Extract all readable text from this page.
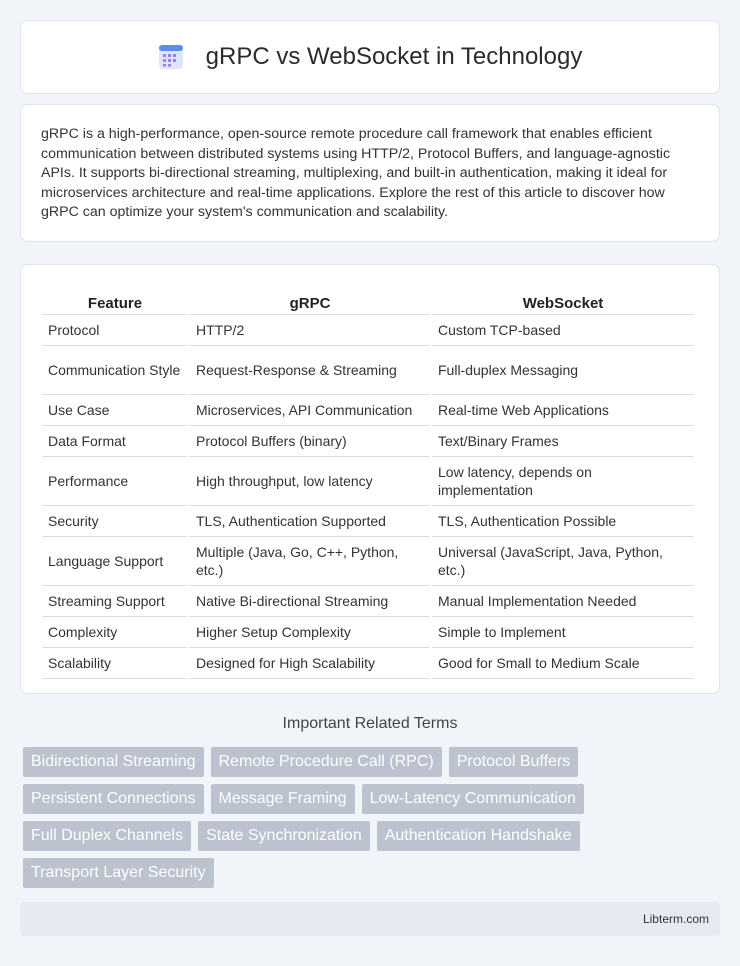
gRPC vs WebSocket in Technology

gRPC is a high-performance, open-source remote procedure call framework that enables efficient communication between distributed systems using HTTP/2, Protocol Buffers, and language-agnostic APIs. It supports bi-directional streaming, multiplexing, and built-in authentication, making it ideal for microservices architecture and real-time applications. Explore the rest of this article to discover how gRPC can optimize your system's communication and scalability.

Feature	gRPC	WebSocket
Protocol	HTTP/2	Custom TCP-based
Communication Style	Request-Response & Streaming	Full-duplex Messaging
Use Case	Microservices, API Communication	Real-time Web Applications
Data Format	Protocol Buffers (binary)	Text/Binary Frames
Performance	High throughput, low latency	Low latency, depends on implementation
Security	TLS, Authentication Supported	TLS, Authentication Possible
Language Support	Multiple (Java, Go, C++, Python, etc.)	Universal (JavaScript, Java, Python, etc.)
Streaming Support	Native Bi-directional Streaming	Manual Implementation Needed
Complexity	Higher Setup Complexity	Simple to Implement
Scalability	Designed for High Scalability	Good for Small to Medium Scale
Important Related Terms
Bidirectional Streaming	Remote Procedure Call (RPC)	Protocol Buffers
Persistent Connections	Message Framing	Low-Latency Communication
Full Duplex Channels	State Synchronization	Authentication Handshake
Transport Layer Security
Libterm.com
